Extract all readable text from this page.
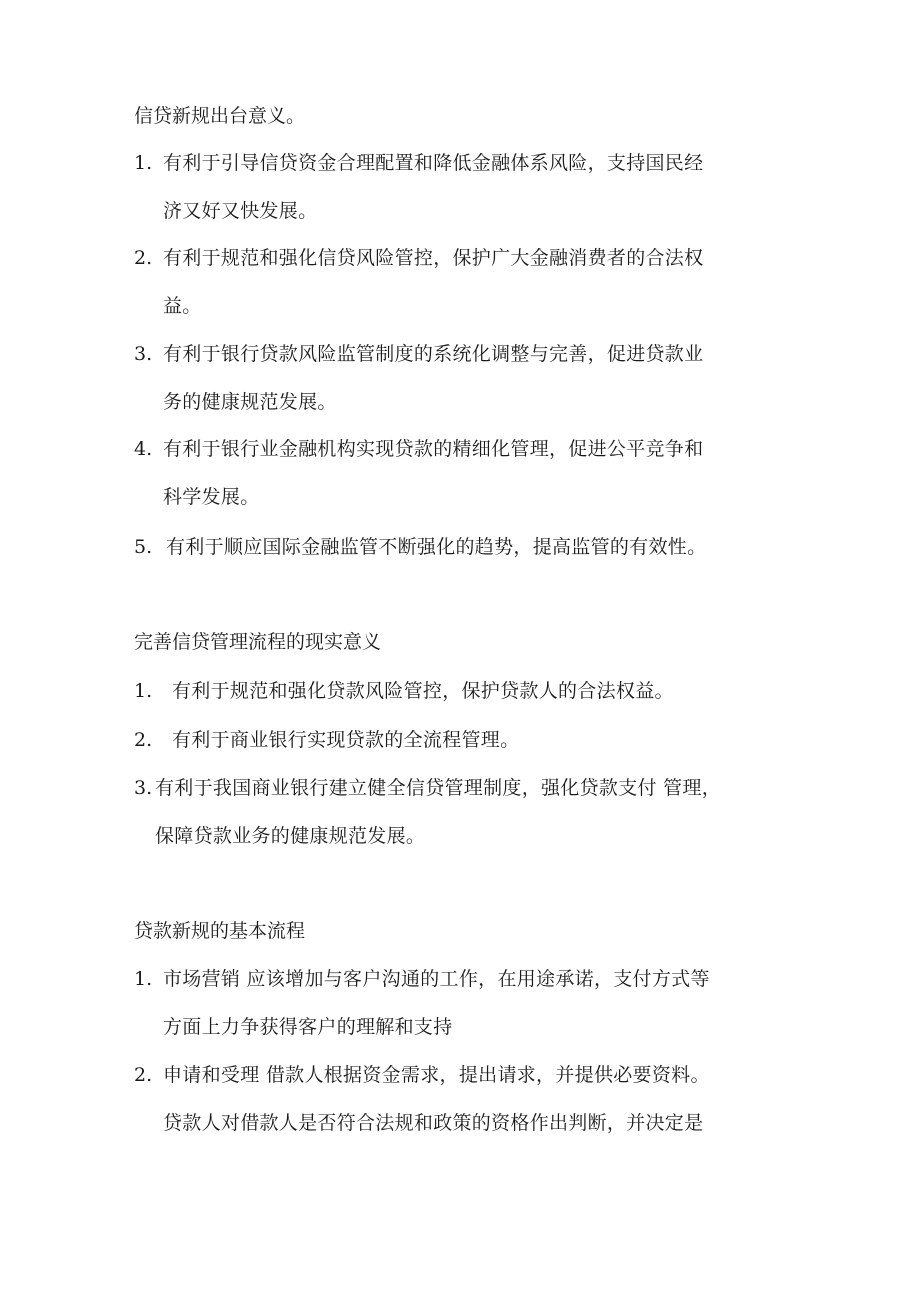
信贷新规出台意义。
1. 有利于引导信贷资金合理配置和降低金融体系风险，支持国民经
济又好又快发展。
2. 有利于规范和强化信贷风险管控，保护广大金融消费者的合法权
益。
3. 有利于银行贷款风险监管制度的系统化调整与完善，促进贷款业
务的健康规范发展。
4. 有利于银行业金融机构实现贷款的精细化管理，促进公平竞争和
科学发展。
5. 有利于顺应国际金融监管不断强化的趋势，提高监管的有效性。
完善信贷管理流程的现实意义
1. 有利于规范和强化贷款风险管控，保护贷款人的合法权益。
2. 有利于商业银行实现贷款的全流程管理。
3. 有利于我国商业银行建立健全信贷管理制度，强化贷款支付 管理，
保障贷款业务的健康规范发展。
贷款新规的基本流程
1. 市场营销 应该增加与客户沟通的工作，在用途承诺，支付方式等
方面上力争获得客户的理解和支持
2. 申请和受理 借款人根据资金需求，提出请求，并提供必要资料。
贷款人对借款人是否符合法规和政策的资格作出判断，并决定是
